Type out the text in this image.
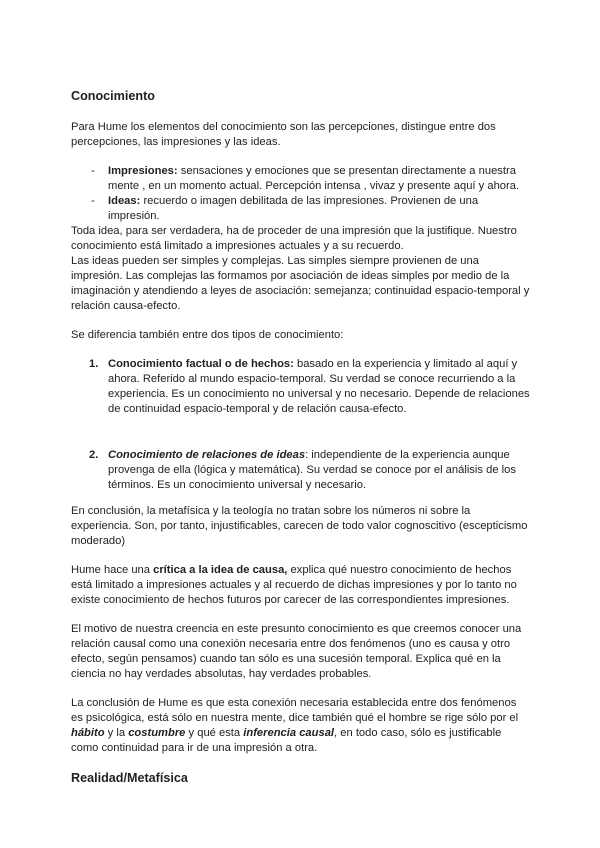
Conocimiento

Para Hume los elementos del conocimiento son las percepciones, distingue entre dos percepciones, las impresiones y las ideas.

- Impresiones: sensaciones y emociones que se presentan directamente a nuestra mente , en un momento actual. Percepción intensa , vivaz y presente aquí y ahora.
- Ideas: recuerdo o imagen debilitada de las impresiones. Provienen de una impresión.

Toda idea, para ser verdadera, ha de proceder de una impresión que la justifique. Nuestro conocimiento está limitado a impresiones actuales y a su recuerdo.

Las ideas pueden ser simples y complejas. Las simples siempre provienen de una impresión. Las complejas las formamos por asociación de ideas simples por medio de la imaginación y atendiendo a leyes de asociación: semejanza; continuidad espacio-temporal y relación causa-efecto.

Se diferencia también entre dos tipos de conocimiento:

1. Conocimiento factual o de hechos: basado en la experiencia y limitado al aquí y ahora. Referido al mundo espacio-temporal. Su verdad se conoce recurriendo a la experiencia. Es un conocimiento no universal y no necesario. Depende de relaciones de continuidad espacio-temporal y de relación causa-efecto.
2. Conocimiento de relaciones de ideas: independiente de la experiencia aunque provenga de ella (lógica y matemática). Su verdad se conoce por el análisis de los términos. Es un conocimiento universal y necesario.

En conclusión, la metafísica y la teología no tratan sobre los números ni sobre la experiencia. Son, por tanto, injustificables, carecen de todo valor cognoscitivo (escepticismo moderado)

Hume hace una crítica a la idea de causa, explica qué nuestro conocimiento de hechos está limitado a impresiones actuales y al recuerdo de dichas impresiones y por lo tanto no existe conocimiento de hechos futuros por carecer de las correspondientes impresiones.

El motivo de nuestra creencia en este presunto conocimiento es que creemos conocer una relación causal como una conexión necesaria entre dos fenómenos (uno es causa y otro efecto, según pensamos) cuando tan sólo es una sucesión temporal. Explica qué en la ciencia no hay verdades absolutas, hay verdades probables.

La conclusión de Hume es que esta conexión necesaria establecida entre dos fenómenos es psicológica, está sólo en nuestra mente, dice también qué el hombre se rige sólo por el hábito y la costumbre y qué esta inferencia causal, en todo caso, sólo es justificable como continuidad para ir de una impresión a otra.

Realidad/Metafísica
